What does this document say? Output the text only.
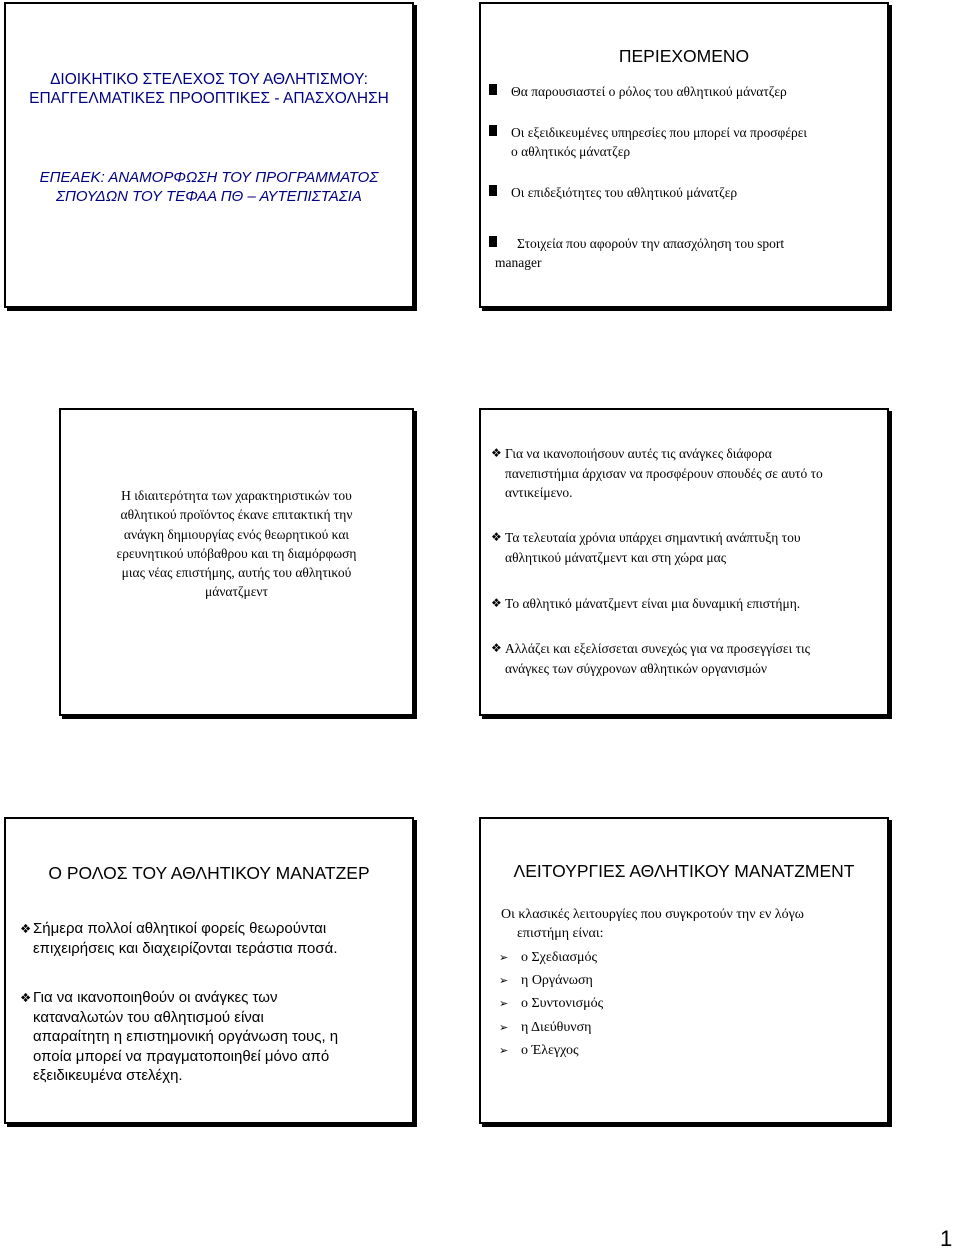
ΔΙΟΙΚΗΤΙΚΟ ΣΤΕΛΕΧΟΣ ΤΟΥ ΑΘΛΗΤΙΣΜΟΥ:
ΕΠΑΓΓΕΛΜΑΤΙΚΕΣ ΠΡΟΟΠΤΙΚΕΣ - ΑΠΑΣΧΟΛΗΣΗ
ΕΠΕΑΕΚ: ΑΝΑΜΟΡΦΩΣΗ ΤΟΥ ΠΡΟΓΡΑΜΜΑΤΟΣ
ΣΠΟΥΔΩΝ ΤΟΥ ΤΕΦΑΑ ΠΘ – ΑΥΤΕΠΙΣΤΑΣΙΑ
ΠΕΡΙΕΧΟΜΕΝΟ
Θα παρουσιαστεί ο ρόλος του αθλητικού μάνατζερ
Οι εξειδικευμένες υπηρεσίες που μπορεί να προσφέρει
ο αθλητικός μάνατζερ
Οι επιδεξιότητες του αθλητικού μάνατζερ
Στοιχεία που αφορούν την απασχόληση του sport
manager
Η ιδιαιτερότητα των χαρακτηριστικών του
αθλητικού προϊόντος έκανε επιτακτική την
ανάγκη δημιουργίας ενός θεωρητικού και
ερευνητικού υπόβαθρου και τη διαμόρφωση
μιας νέας επιστήμης, αυτής του αθλητικού
μάνατζμεντ
❖ Για να ικανοποιήσουν αυτές τις ανάγκες διάφορα
πανεπιστήμια άρχισαν να προσφέρουν σπουδές σε αυτό το
αντικείμενο.
❖ Τα τελευταία χρόνια υπάρχει σημαντική ανάπτυξη του
αθλητικού μάνατζμεντ και στη χώρα μας
❖ Το αθλητικό μάνατζμεντ είναι μια δυναμική επιστήμη.
❖ Αλλάζει και εξελίσσεται συνεχώς για να προσεγγίσει τις
ανάγκες των σύγχρονων αθλητικών οργανισμών
Ο ΡΟΛΟΣ ΤΟΥ ΑΘΛΗΤΙΚΟΥ ΜΑΝΑΤΖΕΡ
❖ Σήμερα πολλοί αθλητικοί φορείς θεωρούνται
επιχειρήσεις και διαχειρίζονται τεράστια ποσά.
❖ Για να ικανοποιηθούν οι ανάγκες των
καταναλωτών του αθλητισμού είναι
απαραίτητη η επιστημονική οργάνωση τους, η
οποία μπορεί να πραγματοποιηθεί μόνο από
εξειδικευμένα στελέχη.
ΛΕΙΤΟΥΡΓΙΕΣ ΑΘΛΗΤΙΚΟΥ ΜΑΝΑΤΖΜΕΝΤ
Οι κλασικές λειτουργίες που συγκροτούν την εν λόγω
επιστήμη είναι:
➢ ο Σχεδιασμός
➢ η Οργάνωση
➢ ο Συντονισμός
➢ η Διεύθυνση
➢ ο Έλεγχος
1
